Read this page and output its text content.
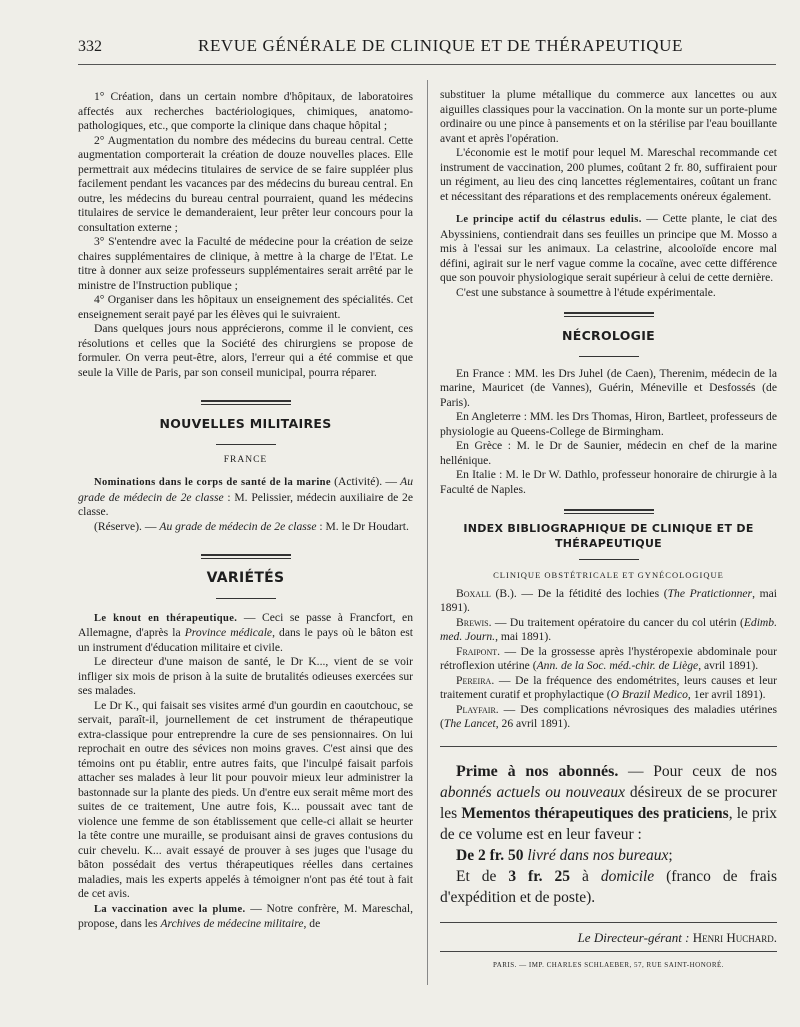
332	REVUE GÉNÉRALE DE CLINIQUE ET DE THÉRAPEUTIQUE

1° Création, dans un certain nombre d'hôpitaux, de laboratoires affectés aux recherches bactériologiques, chimiques, anatomo-pathologiques, etc., que comporte la clinique dans chaque hôpital ;

2° Augmentation du nombre des médecins du bureau central. Cette augmentation comporterait la création de douze nouvelles places. Elle permettrait aux médecins titulaires de service de se faire suppléer plus facilement pendant les vacances par des médecins du bureau central. En outre, les médecins du bureau central pourraient, quand les médecins titulaires de service le demanderaient, leur prêter leur concours pour la consultation externe ;

3° S'entendre avec la Faculté de médecine pour la création de seize chaires supplémentaires de clinique, à mettre à la charge de l'Etat. Le titre à donner aux seize professeurs supplémentaires serait arrêté par le ministre de l'Instruction publique ;

4° Organiser dans les hôpitaux un enseignement des spécialités. Cet enseignement serait payé par les élèves qui le suivraient.

Dans quelques jours nous apprécierons, comme il le convient, ces résolutions et celles que la Société des chirurgiens se propose de formuler. On verra peut-être, alors, l'erreur qui a été commise et que seule la Ville de Paris, par son conseil municipal, pourra réparer.

NOUVELLES MILITAIRES
FRANCE

Nominations dans le corps de santé de la marine (Activité). — Au grade de médecin de 2e classe : M. Pelissier, médecin auxiliaire de 2e classe.

(Réserve). — Au grade de médecin de 2e classe : M. le Dr Houdart.

VARIÉTÉS

Le knout en thérapeutique. — Ceci se passe à Francfort, en Allemagne, d'après la Province médicale, dans le pays où le bâton est un instrument d'éducation militaire et civile.

Le directeur d'une maison de santé, le Dr K..., vient de se voir infliger six mois de prison à la suite de brutalités odieuses exercées sur ses malades.

Le Dr K., qui faisait ses visites armé d'un gourdin en caoutchouc, se servait, paraît-il, journellement de cet instrument de thérapeutique extra-classique pour entreprendre la cure de ses pensionnaires. On lui reprochait en outre des sévices non moins graves. C'est ainsi que des témoins ont pu établir, entre autres faits, que l'inculpé faisait parfois attacher ses malades à leur lit pour pouvoir mieux leur administrer la bastonnade sur la plante des pieds. Un d'entre eux serait même mort des suites de ce traitement, Une autre fois, K... poussait avec tant de violence une femme de son établissement que celle-ci allait se heurter la tête contre une muraille, se produisant ainsi de graves contusions du cuir chevelu. K... avait essayé de prouver à ses juges que l'usage du bâton possédait des vertus thérapeutiques réelles dans certaines maladies, mais les experts appelés à témoigner n'ont pas été tout à fait de cet avis.

La vaccination avec la plume. — Notre confrère, M. Mareschal, propose, dans les Archives de médecine militaire, de

substituer la plume métallique du commerce aux lancettes ou aux aiguilles classiques pour la vaccination. On la monte sur un porte-plume ordinaire ou une pince à pansements et on la stérilise par l'eau bouillante avant et après l'opération.

L'économie est le motif pour lequel M. Mareschal recommande cet instrument de vaccination, 200 plumes, coûtant 2 fr. 80, suffiraient pour un régiment, au lieu des cinq lancettes réglementaires, coûtant un franc et nécessitant des réparations et des remplacements onéreux également.

Le principe actif du célastrus edulis. — Cette plante, le ciat des Abyssiniens, contiendrait dans ses feuilles un principe que M. Mosso a mis à l'essai sur les animaux. La celastrine, alcooloïde encore mal défini, agirait sur le nerf vague comme la cocaïne, avec cette différence que son pouvoir physiologique serait supérieur à celui de cette dernière.

C'est une substance à soumettre à l'étude expérimentale.

NÉCROLOGIE

En France : MM. les Drs Juhel (de Caen), Therenim, médecin de la marine, Mauricet (de Vannes), Guérin, Méneville et Desfossés (de Paris).

En Angleterre : MM. les Drs Thomas, Hiron, Bartleet, professeurs de physiologie au Queens-College de Birmingham.

En Grèce : M. le Dr de Saunier, médecin en chef de la marine hellénique.

En Italie : M. le Dr W. Dathlo, professeur honoraire de chirurgie à la Faculté de Naples.

INDEX BIBLIOGRAPHIQUE DE CLINIQUE ET DE THÉRAPEUTIQUE
CLINIQUE OBSTÉTRICALE ET GYNÉCOLOGIQUE

Boxall (B.). — De la fétidité des lochies (The Pratictionner, mai 1891).

Brewis. — Du traitement opératoire du cancer du col utérin (Edimb. med. Journ., mai 1891).

Fraipont. — De la grossesse après l'hystéropexie abdominale pour rétroflexion utérine (Ann. de la Soc. méd.-chir. de Liège, avril 1891).

Pereira. — De la fréquence des endométrites, leurs causes et leur traitement curatif et prophylactique (O Brazil Medico, 1er avril 1891).

Playfair. — Des complications névrosiques des maladies utérines (The Lancet, 26 avril 1891).

Prime à nos abonnés. — Pour ceux de nos abonnés actuels ou nouveaux désireux de se procurer les Mementos thérapeutiques des praticiens, le prix de ce volume est en leur faveur :

De 2 fr. 50 livré dans nos bureaux;

Et de 3 fr. 25 à domicile (franco de frais d'expédition et de poste).

Le Directeur-gérant : Henri Huchard.
PARIS. — IMP. CHARLES SCHLAEBER, 57, RUE SAINT-HONORÉ.
